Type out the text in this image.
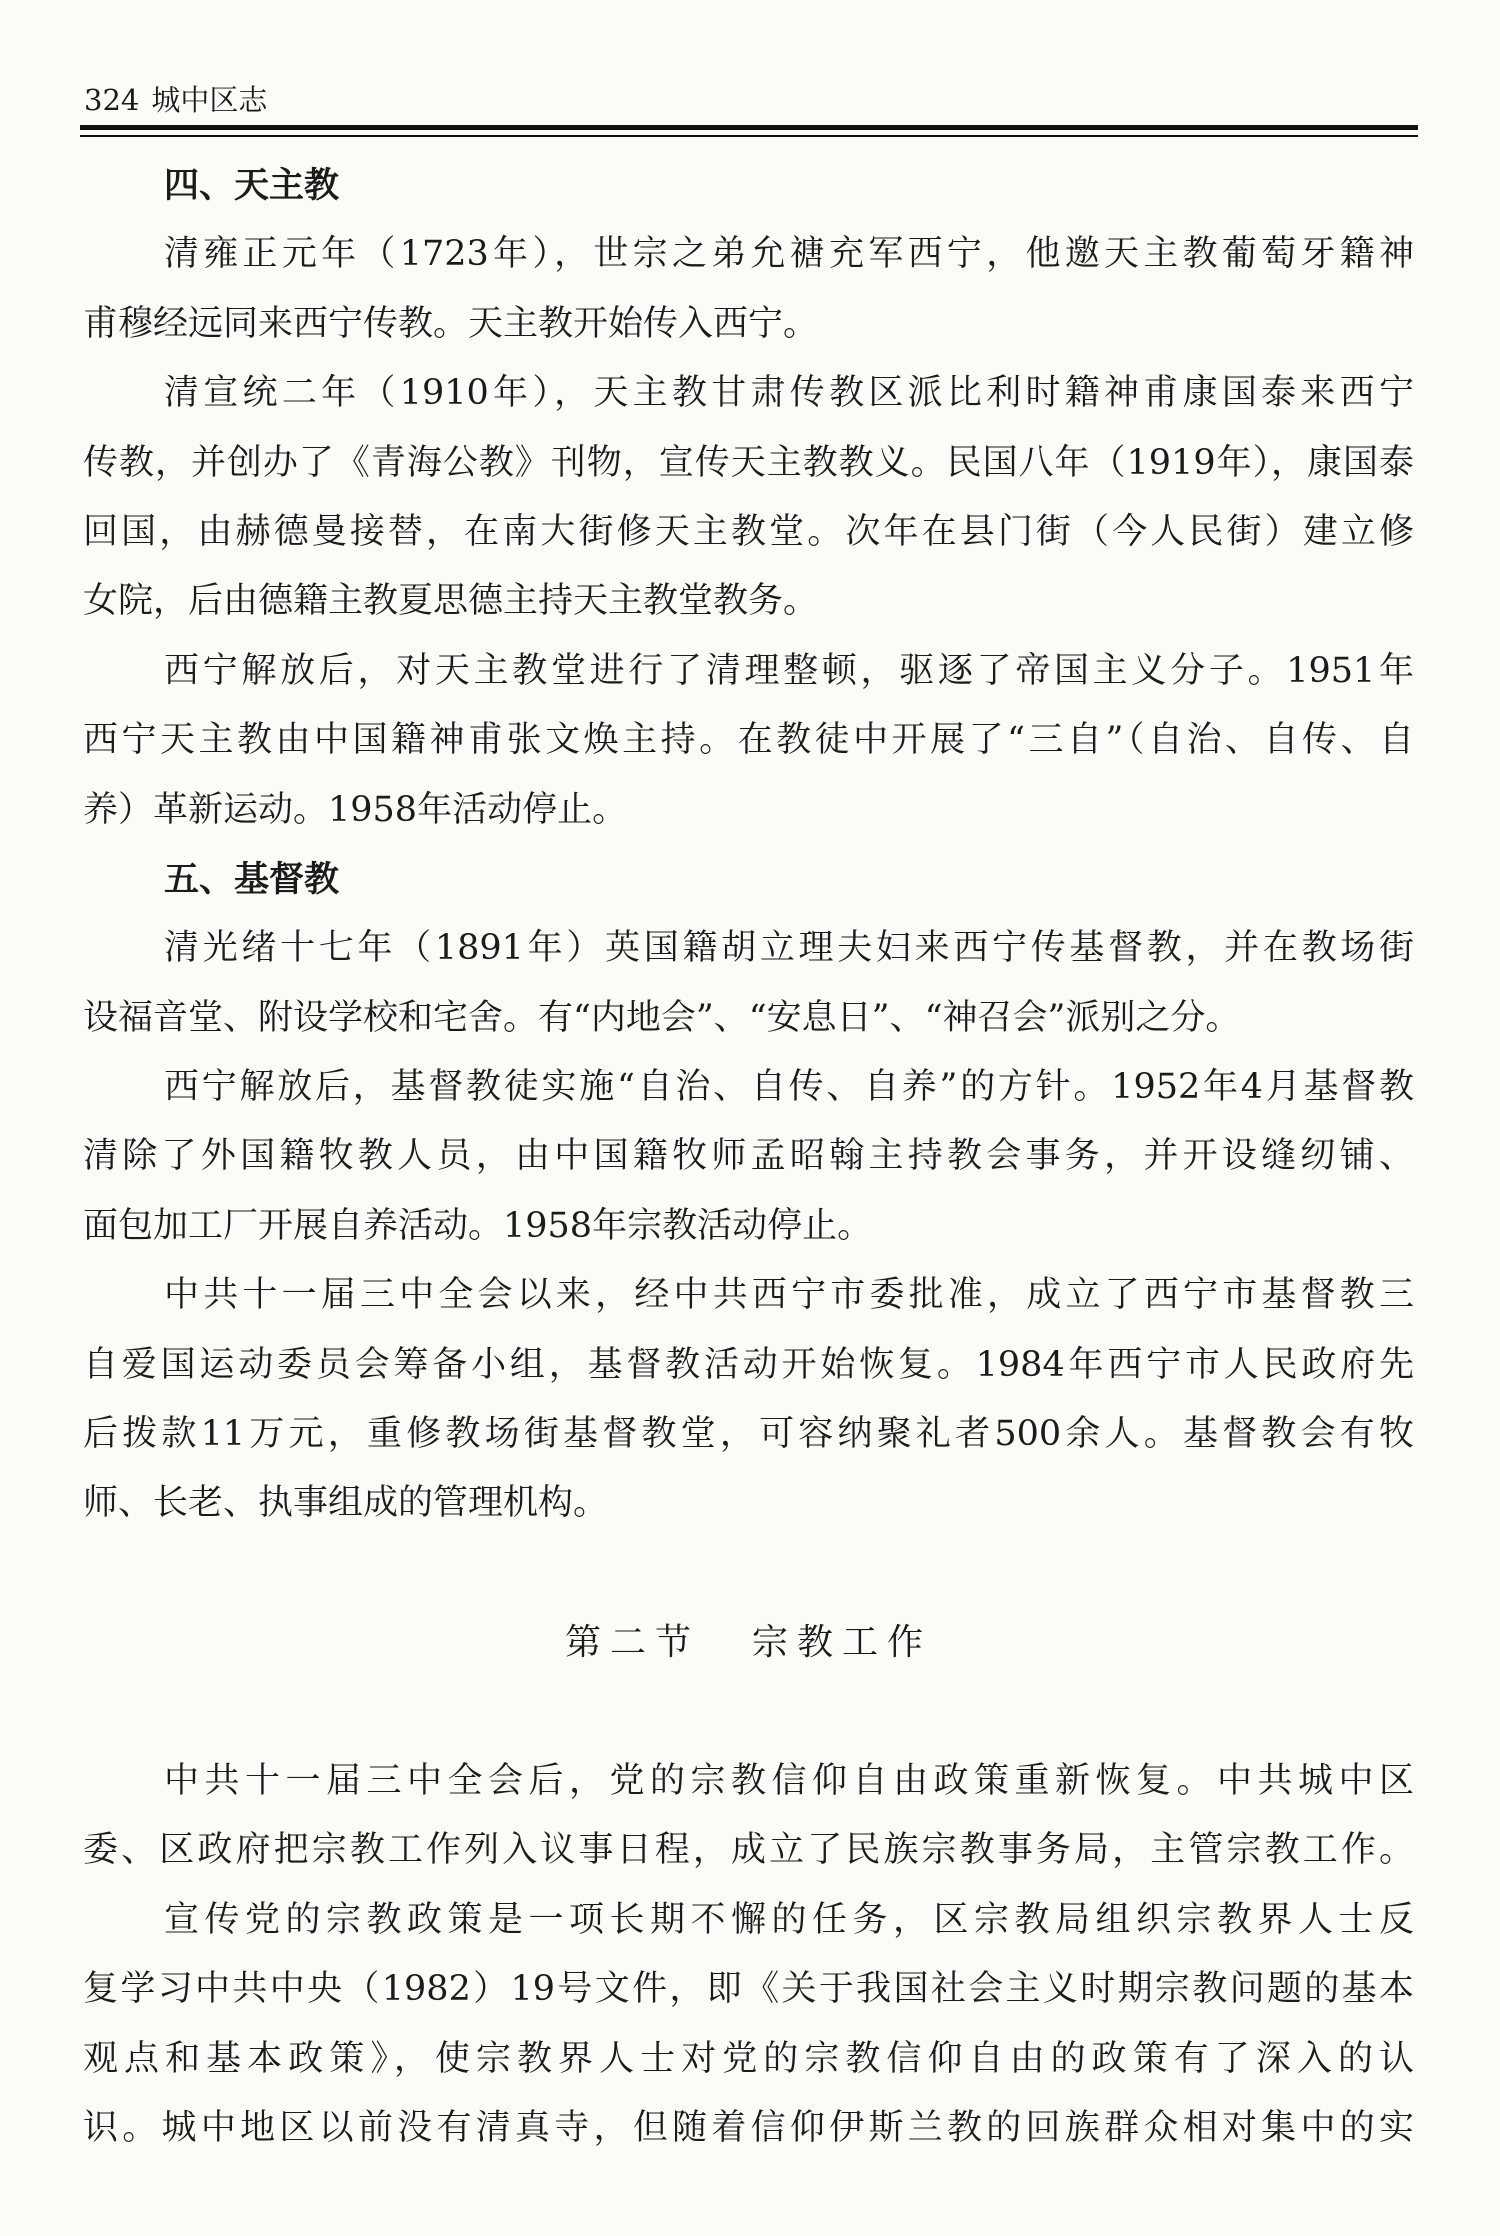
324 城中区志
四、天主教
清雍正元年（1723年），世宗之弟允禟充军西宁，他邀天主教葡萄牙籍神
甫穆经远同来西宁传教。天主教开始传入西宁。
清宣统二年（1910年），天主教甘肃传教区派比利时籍神甫康国泰来西宁
传教，并创办了《青海公教》刊物，宣传天主教教义。民国八年（1919年），康国泰
回国，由赫德曼接替，在南大街修天主教堂。次年在县门街（今人民街）建立修
女院，后由德籍主教夏思德主持天主教堂教务。
西宁解放后，对天主教堂进行了清理整顿，驱逐了帝国主义分子。1951年
西宁天主教由中国籍神甫张文焕主持。在教徒中开展了“三自”（自治、自传、自
养）革新运动。1958年活动停止。
五、基督教
清光绪十七年（1891年）英国籍胡立理夫妇来西宁传基督教，并在教场街
设福音堂、附设学校和宅舍。有“内地会”、“安息日”、“神召会”派别之分。
西宁解放后，基督教徒实施“自治、自传、自养”的方针。1952年4月基督教
清除了外国籍牧教人员，由中国籍牧师孟昭翰主持教会事务，并开设缝纫铺、
面包加工厂开展自养活动。1958年宗教活动停止。
中共十一届三中全会以来，经中共西宁市委批准，成立了西宁市基督教三
自爱国运动委员会筹备小组，基督教活动开始恢复。1984年西宁市人民政府先
后拨款11万元，重修教场街基督教堂，可容纳聚礼者500余人。基督教会有牧
师、长老、执事组成的管理机构。
第二节 宗教工作
中共十一届三中全会后，党的宗教信仰自由政策重新恢复。中共城中区
委、区政府把宗教工作列入议事日程，成立了民族宗教事务局，主管宗教工作。
宣传党的宗教政策是一项长期不懈的任务，区宗教局组织宗教界人士反
复学习中共中央（1982）19号文件，即《关于我国社会主义时期宗教问题的基本
观点和基本政策》，使宗教界人士对党的宗教信仰自由的政策有了深入的认
识。城中地区以前没有清真寺，但随着信仰伊斯兰教的回族群众相对集中的实
